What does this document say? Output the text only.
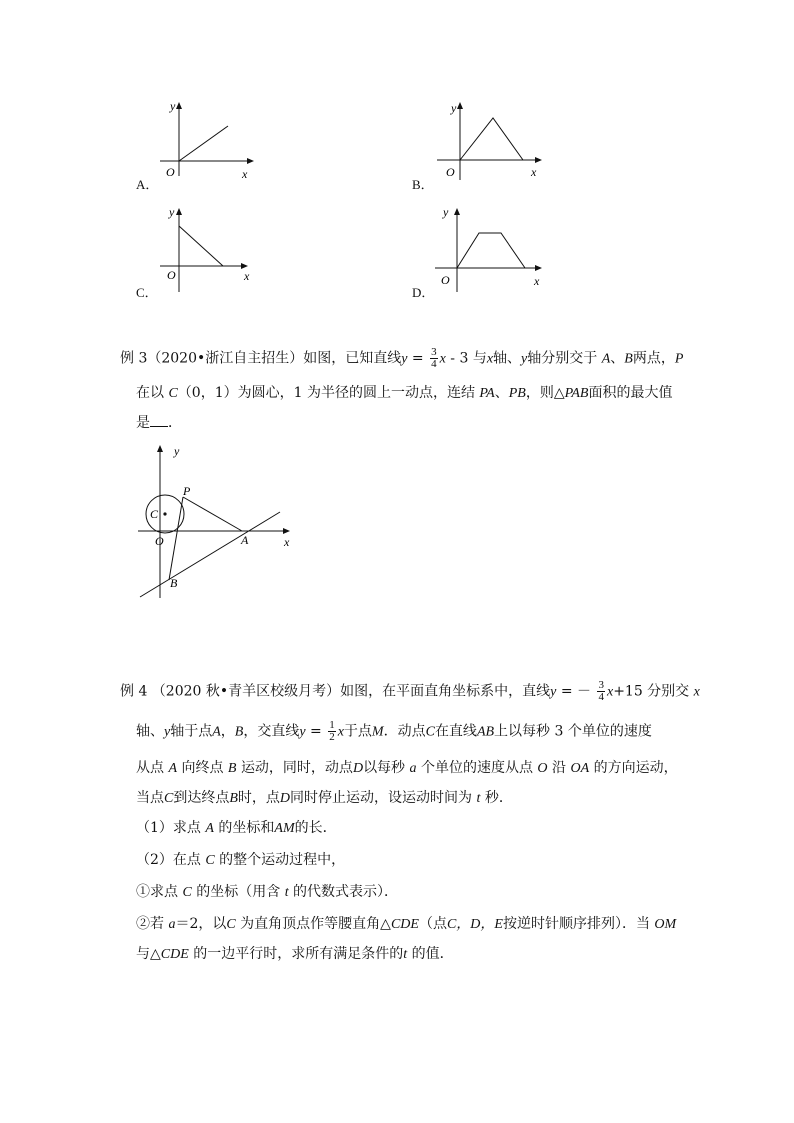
A．
y
x
O
B．
y
x
O
C．
y
x
O
D．
y
x
O
例 3（2020•浙江自主招生）如图，已知直线$y = \frac{3}{4}$ x - 3 与x轴、y轴分别交于 A、B两点，P
在以 C（0，1）为圆心，1 为半径的圆上一动点，连结 PA、PB，则△PAB面积的最大值
是 ．
y
x
O
P
C
A
B
例 4 （2020 秋•青羊区校级月考）如图，在平面直角坐标系中，直线y = － $\frac{3}{4} x+15$ 分别交 x
轴、y轴于点A，B，交直线$y = \frac{1}{2}$ x于点M．动点C在直线AB上以每秒 3 个单位的速度
从点 A 向终点 B 运动，同时，动点D以每秒 a 个单位的速度从点 O 沿 OA 的方向运动，
当点C到达终点B时，点D同时停止运动，设运动时间为 t 秒．
（1）求点 A 的坐标和AM的长．
（2）在点 C 的整个运动过程中，
①求点 C 的坐标（用含 t 的代数式表示）．
②若 a＝2，以C 为直角顶点作等腰直角△CDE（点C，D，E按逆时针顺序排列）．当 OM
与△CDE 的一边平行时，求所有满足条件的t 的值．
